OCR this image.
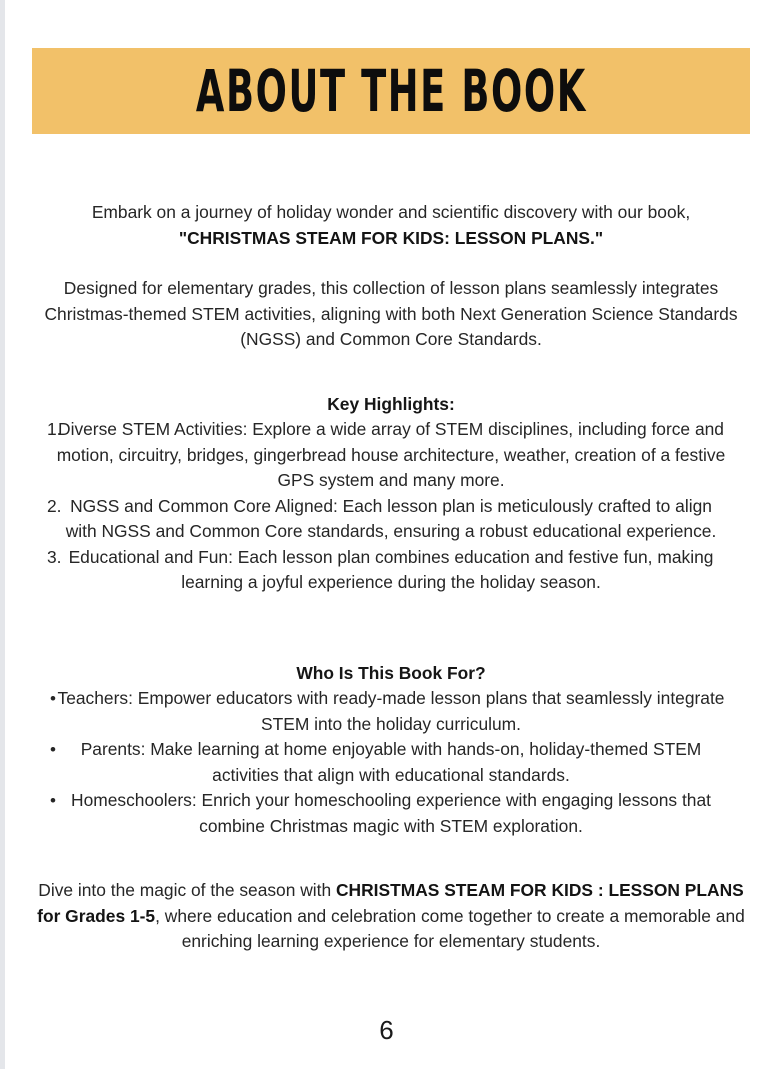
ABOUT THE BOOK

Embark on a journey of holiday wonder and scientific discovery with our book,
"CHRISTMAS STEAM FOR KIDS: LESSON PLANS."

Designed for elementary grades, this collection of lesson plans seamlessly integrates Christmas-themed STEM activities, aligning with both Next Generation Science Standards (NGSS) and Common Core Standards.

Key Highlights:

1.
Diverse STEM Activities: Explore a wide array of STEM disciplines, including force and motion, circuitry, bridges, gingerbread house architecture, weather, creation of a festive GPS system and many more.
2. NGSS and Common Core Aligned: Each lesson plan is meticulously crafted to align with NGSS and Common Core standards, ensuring a robust educational experience.
3. Educational and Fun: Each lesson plan combines education and festive fun, making learning a joyful experience during the holiday season.

Who Is This Book For?

• Teachers: Empower educators with ready-made lesson plans that seamlessly integrate STEM into the holiday curriculum.
•	Parents: Make learning at home enjoyable with hands-on, holiday-themed STEM activities that align with educational standards.
• Homeschoolers: Enrich your homeschooling experience with engaging lessons that combine Christmas magic with STEM exploration.

Dive into the magic of the season with CHRISTMAS STEAM FOR KIDS : LESSON PLANS for Grades 1-5, where education and celebration come together to create a memorable and enriching learning experience for elementary students.

6
